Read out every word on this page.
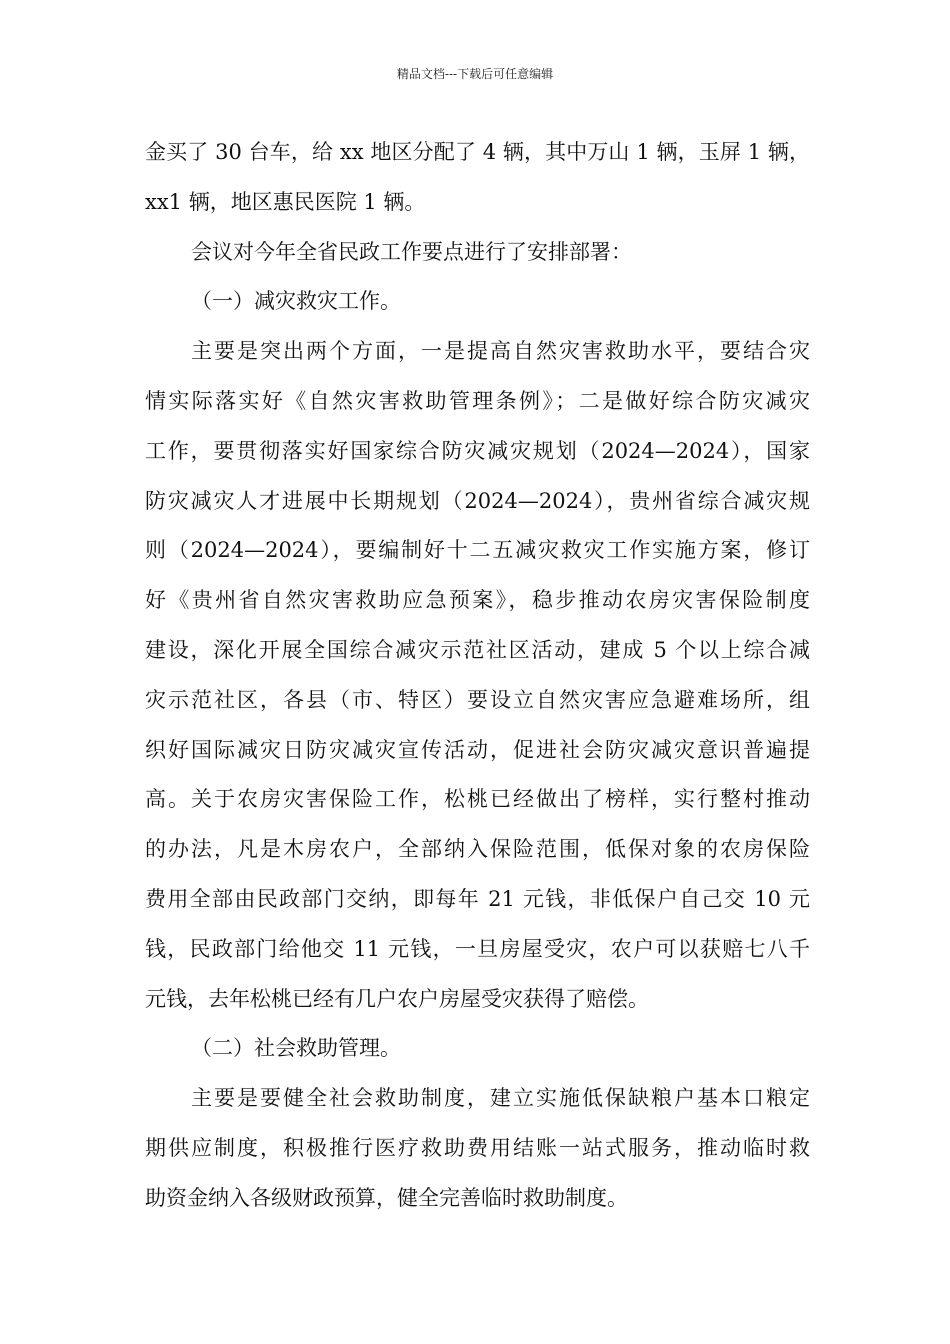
精品文档---下载后可任意编辑
金买了 30 台车，给 xx 地区分配了 4 辆，其中万山 1 辆，玉屏 1 辆，
xx1 辆，地区惠民医院 1 辆。
会议对今年全省民政工作要点进行了安排部署：
（一）减灾救灾工作。
主要是突出两个方面，一是提高自然灾害救助水平，要结合灾
情实际落实好《自然灾害救助管理条例》；二是做好综合防灾减灾
工作，要贯彻落实好国家综合防灾减灾规划（2024—2024），国家
防灾减灾人才进展中长期规划（2024—2024），贵州省综合减灾规
则（2024—2024），要编制好十二五减灾救灾工作实施方案，修订
好《贵州省自然灾害救助应急预案》，稳步推动农房灾害保险制度
建设，深化开展全国综合减灾示范社区活动，建成 5 个以上综合减
灾示范社区，各县（市、特区）要设立自然灾害应急避难场所，组
织好国际减灾日防灾减灾宣传活动，促进社会防灾减灾意识普遍提
高。关于农房灾害保险工作，松桃已经做出了榜样，实行整村推动
的办法，凡是木房农户，全部纳入保险范围，低保对象的农房保险
费用全部由民政部门交纳，即每年 21 元钱，非低保户自己交 10 元
钱，民政部门给他交 11 元钱，一旦房屋受灾，农户可以获赔七八千
元钱，去年松桃已经有几户农户房屋受灾获得了赔偿。
（二）社会救助管理。
主要是要健全社会救助制度，建立实施低保缺粮户基本口粮定
期供应制度，积极推行医疗救助费用结账一站式服务，推动临时救
助资金纳入各级财政预算，健全完善临时救助制度。
